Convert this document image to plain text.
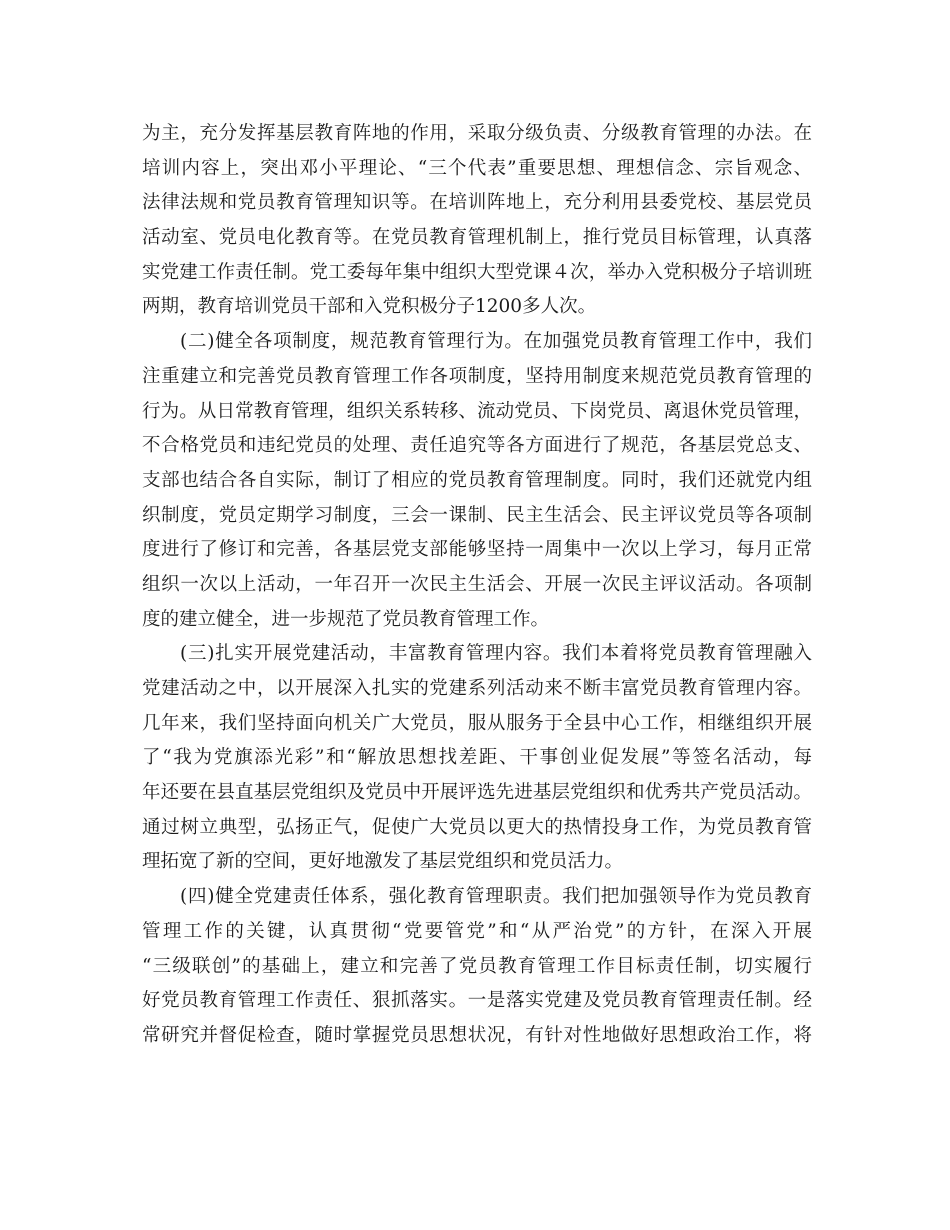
为主，充分发挥基层教育阵地的作用，采取分级负责、分级教育管理的办法。在
培训内容上，突出邓小平理论、“三个代表”重要思想、理想信念、宗旨观念、
法律法规和党员教育管理知识等。在培训阵地上，充分利用县委党校、基层党员
活动室、党员电化教育等。在党员教育管理机制上，推行党员目标管理，认真落
实党建工作责任制。党工委每年集中组织大型党课４次，举办入党积极分子培训班
两期，教育培训党员干部和入党积极分子1200多人次。
(二)健全各项制度，规范教育管理行为。在加强党员教育管理工作中，我们
注重建立和完善党员教育管理工作各项制度，坚持用制度来规范党员教育管理的
行为。从日常教育管理，组织关系转移、流动党员、下岗党员、离退休党员管理，
不合格党员和违纪党员的处理、责任追究等各方面进行了规范，各基层党总支、
支部也结合各自实际，制订了相应的党员教育管理制度。同时，我们还就党内组
织制度，党员定期学习制度，三会一课制、民主生活会、民主评议党员等各项制
度进行了修订和完善，各基层党支部能够坚持一周集中一次以上学习，每月正常
组织一次以上活动，一年召开一次民主生活会、开展一次民主评议活动。各项制
度的建立健全，进一步规范了党员教育管理工作。
(三)扎实开展党建活动，丰富教育管理内容。我们本着将党员教育管理融入
党建活动之中，以开展深入扎实的党建系列活动来不断丰富党员教育管理内容。
几年来，我们坚持面向机关广大党员，服从服务于全县中心工作，相继组织开展
了“我为党旗添光彩”和“解放思想找差距、干事创业促发展”等签名活动，每
年还要在县直基层党组织及党员中开展评选先进基层党组织和优秀共产党员活动。
通过树立典型，弘扬正气，促使广大党员以更大的热情投身工作，为党员教育管
理拓宽了新的空间，更好地激发了基层党组织和党员活力。
(四)健全党建责任体系，强化教育管理职责。我们把加强领导作为党员教育
管理工作的关键，认真贯彻“党要管党”和“从严治党”的方针，在深入开展
“三级联创”的基础上，建立和完善了党员教育管理工作目标责任制，切实履行
好党员教育管理工作责任、狠抓落实。一是落实党建及党员教育管理责任制。经
常研究并督促检查，随时掌握党员思想状况，有针对性地做好思想政治工作，将
